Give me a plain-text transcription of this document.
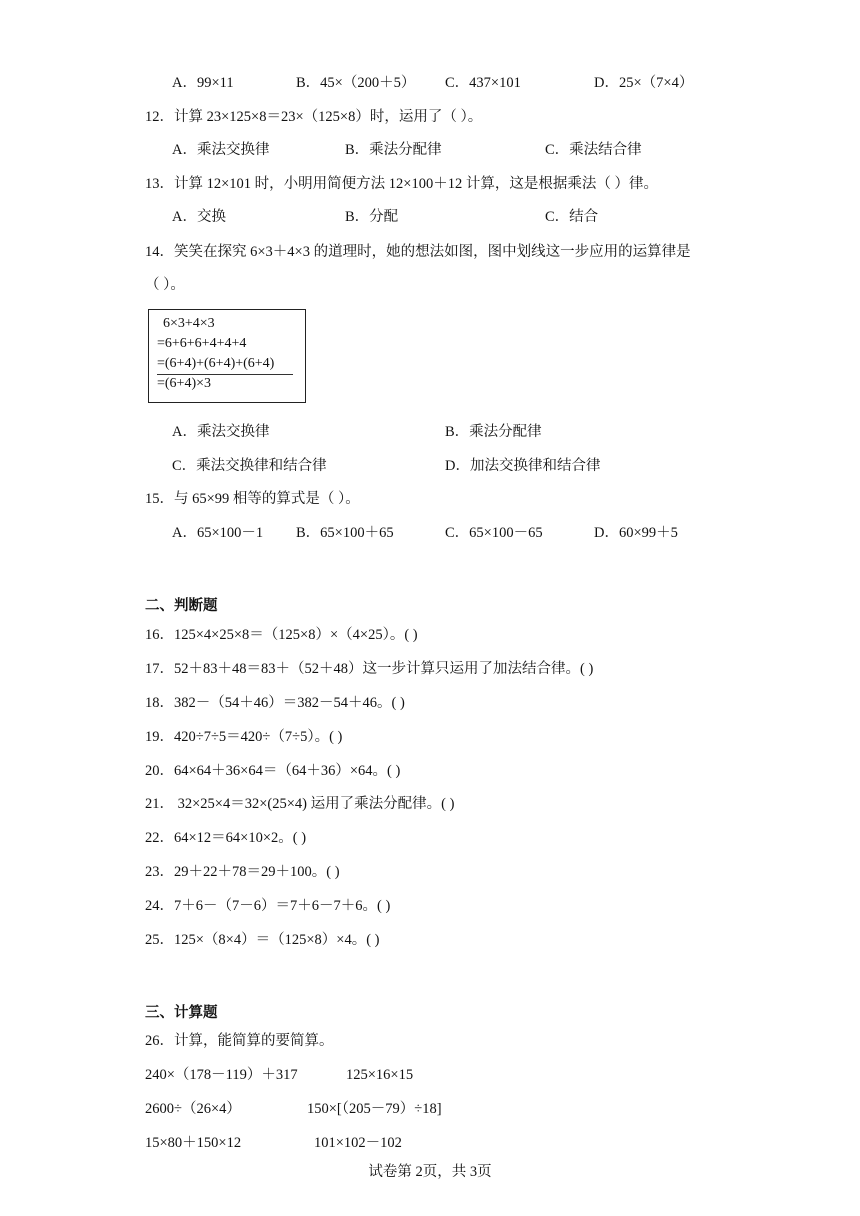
A．99×11	B．45×（200＋5） C．437×101	D．25×（7×4）
12．计算 23×125×8＝23×（125×8）时，运用了（ ）。
A．乘法交换律	B．乘法分配律	C．乘法结合律
13．计算 12×101 时，小明用简便方法 12×100＋12 计算，这是根据乘法（ ）律。
A．交换	B．分配	C．结合
14．笑笑在探究 6×3＋4×3 的道理时，她的想法如图，图中划线这一步应用的运算律是
（ ）。
6×3+4×3
=6+6+6+4+4+4
=(6+4)+(6+4)+(6+4)
=(6+4)×3
A．乘法交换律	B．乘法分配律
C．乘法交换律和结合律	D．加法交换律和结合律
15．与 65×99 相等的算式是（ ）。
A．65×100－1 B．65×100＋65	C．65×100－65	D．60×99＋5
二、判断题
16．125×4×25×8＝（125×8）×（4×25）。( )
17．52＋83＋48＝83＋（52＋48）这一步计算只运用了加法结合律。( )
18．382－（54＋46）＝382－54＋46。( )
19．420÷7÷5＝420÷（7÷5）。( )
20．64×64＋36×64＝（64＋36）×64。( )
21． 32×25×4＝32×(25×4) 运用了乘法分配律。( )
22．64×12＝64×10×2。( )
23．29＋22＋78＝29＋100。( )
24．7＋6－（7－6）＝7＋6－7＋6。( )
25．125×（8×4）＝（125×8）×4。( )
三、计算题
26．计算，能简算的要简算。
240×（178－119）＋317	125×16×15
2600÷（26×4）	150×[（205－79）÷18]
15×80＋150×12	101×102－102
试卷第 2页，共 3页
